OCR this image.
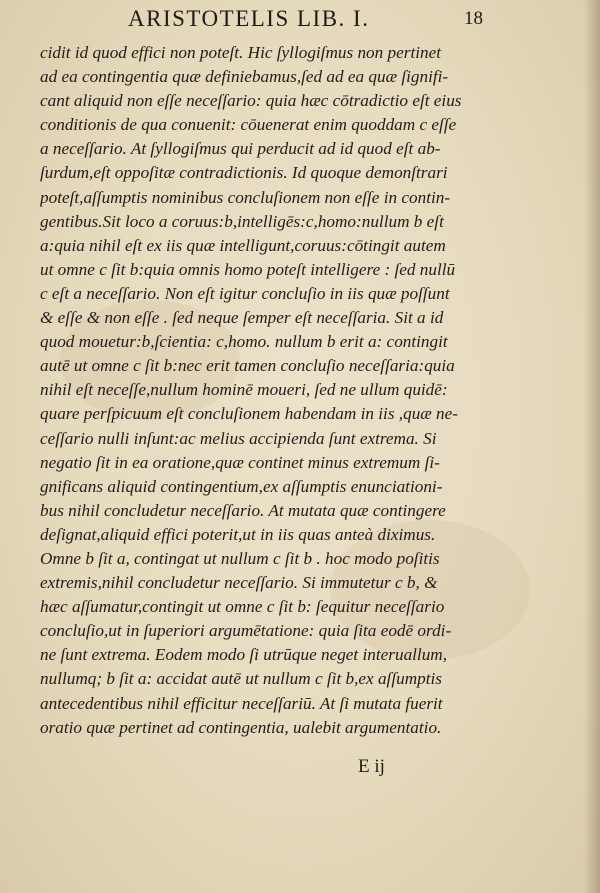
ARISTOTELIS LIB. I.	18
cidit id quod effici non poteſt. Hic ſyllogiſmus non pertinet
ad ea contingentia quæ definiebamus,ſed ad ea quæ ſignifi-
cant aliquid non eſſe neceſſario: quia hæc cōtradictio eſt eius
conditionis de qua conuenit: cōuenerat enim quoddam c eſſe
a neceſſario. At ſyllogiſmus qui perducit ad id quod eſt ab-
ſurdum,eſt oppoſitæ contradictionis. Id quoque demonſtrari
poteſt,aſſumptis nominibus concluſionem non eſſe in contin-
gentibus.Sit loco a coruus:b,intelligēs:c,homo:nullum b eſt
a:quia nihil eſt ex iis quæ intelligunt,coruus:cōtingit autem
ut omne c ſit b:quia omnis homo poteſt intelligere : ſed nullū
c eſt a neceſſario. Non eſt igitur concluſio in iis quæ poſſunt
& eſſe & non eſſe . ſed neque ſemper eſt neceſſaria. Sit a id
quod mouetur:b,ſcientia: c,homo. nullum b erit a: contingit
autē ut omne c ſit b:nec erit tamen concluſio neceſſaria:quia
nihil eſt neceſſe,nullum hominē moueri, ſed ne ullum quidē:
quare perſpicuum eſt concluſionem habendam in iis ,quæ ne-
ceſſario nulli inſunt:ac melius accipienda ſunt extrema. Si
negatio ſit in ea oratione,quæ continet minus extremum ſi-
gnificans aliquid contingentium,ex aſſumptis enunciationi-
bus nihil concludetur neceſſario. At mutata quæ contingere
deſignat,aliquid effici poterit,ut in iis quas anteà diximus.
Omne b ſit a, contingat ut nullum c ſit b . hoc modo poſitis
extremis,nihil concludetur neceſſario. Si immutetur c b, &
hæc aſſumatur,contingit ut omne c ſit b: ſequitur neceſſario
concluſio,ut in ſuperiori argumētatione: quia ſita eodē ordi-
ne ſunt extrema. Eodem modo ſi utrūque neget interuallum,
nullumq; b ſit a: accidat autē ut nullum c ſit b,ex aſſumptis
antecedentibus nihil efficitur neceſſariū. At ſi mutata fuerit
oratio quæ pertinet ad contingentia, ualebit argumentatio.
E ij
